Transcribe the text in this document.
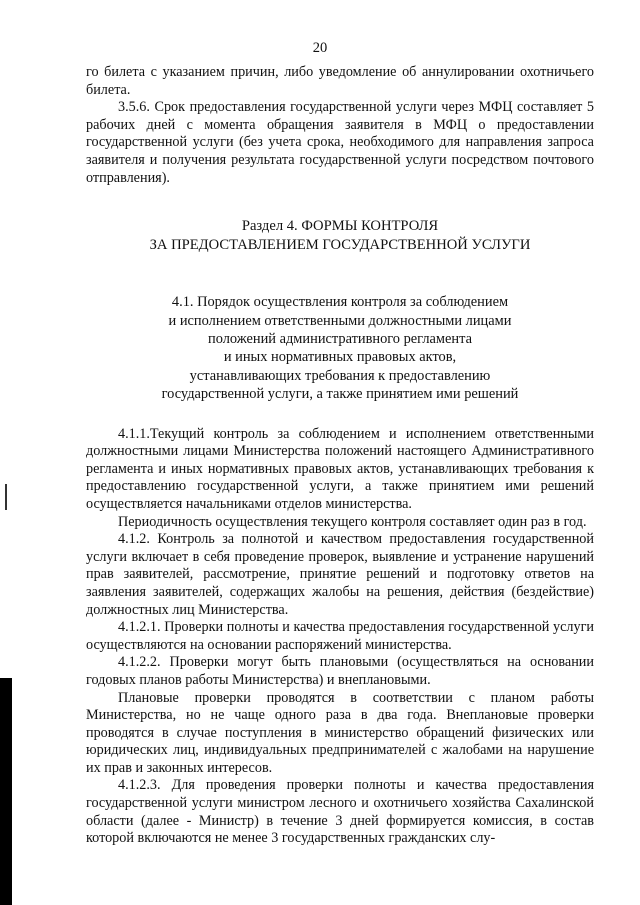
20

го билета с указанием причин, либо уведомление об аннулировании охотничьего билета.

3.5.6. Срок предоставления государственной услуги через МФЦ составляет 5 рабочих дней с момента обращения заявителя в МФЦ о предоставлении государственной услуги (без учета срока, необходимого для направления запроса заявителя и получения результата государственной услуги посредством почтового отправления).

Раздел 4. ФОРМЫ КОНТРОЛЯ
ЗА ПРЕДОСТАВЛЕНИЕМ ГОСУДАРСТВЕННОЙ УСЛУГИ
4.1. Порядок осуществления контроля за соблюдением
и исполнением ответственными должностными лицами
положений административного регламента
и иных нормативных правовых актов,
устанавливающих требования к предоставлению
государственной услуги, а также принятием ими решений

4.1.1.Текущий контроль за соблюдением и исполнением ответственными должностными лицами Министерства положений настоящего Административного регламента и иных нормативных правовых актов, устанавливающих требования к предоставлению государственной услуги, а также принятием ими решений осуществляется начальниками отделов министерства.

Периодичность осуществления текущего контроля составляет один раз в год.

4.1.2. Контроль за полнотой и качеством предоставления государственной услуги включает в себя проведение проверок, выявление и устранение нарушений прав заявителей, рассмотрение, принятие решений и подготовку ответов на заявления заявителей, содержащих жалобы на решения, действия (бездействие) должностных лиц Министерства.

4.1.2.1. Проверки полноты и качества предоставления государственной услуги осуществляются на основании распоряжений министерства.

4.1.2.2. Проверки могут быть плановыми (осуществляться на основании годовых планов работы Министерства) и внеплановыми.

Плановые проверки проводятся в соответствии с планом работы Министерства, но не чаще одного раза в два года. Внеплановые проверки проводятся в случае поступления в министерство обращений физических или юридических лиц, индивидуальных предпринимателей с жалобами на нарушение их прав и законных интересов.

4.1.2.3. Для проведения проверки полноты и качества предоставления государственной услуги министром лесного и охотничьего хозяйства Сахалинской области (далее - Министр) в течение 3 дней формируется комиссия, в состав которой включаются не менее 3 государственных гражданских слу-
